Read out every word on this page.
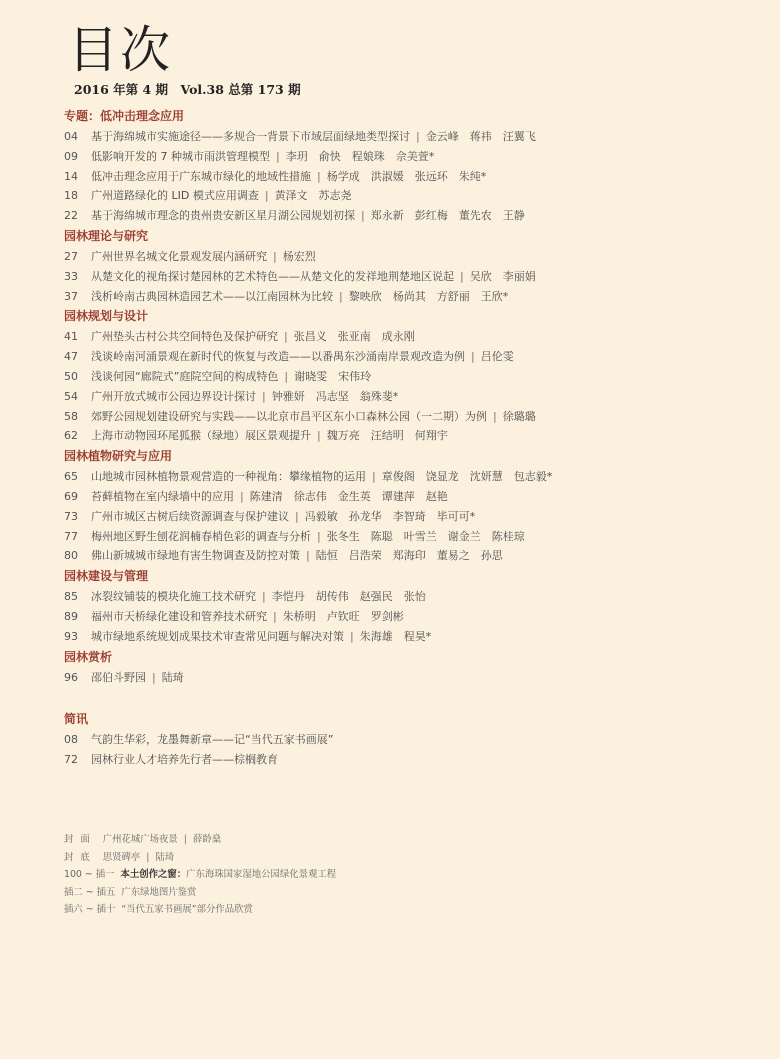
目次
2016 年第 4 期　Vol.38 总第 173 期
专题：低冲击理念应用
04 基于海绵城市实施途径——多规合一背景下市域层面绿地类型探讨 | 金云峰　蒋祎　汪翼飞
09 低影响开发的 7 种城市雨洪管理模型 | 李玥　俞快　程娘珠　佘美萱*
14 低冲击理念应用于广东城市绿化的地域性措施 | 杨学成　洪淑媛　张远环　朱纯*
18 广州道路绿化的 LID 模式应用调查 | 黄泽文　苏志尧
22 基于海绵城市理念的贵州贵安新区星月湖公园规划初探 | 郑永新　彭红梅　董先农　王静
园林理论与研究
27 广州世界名城文化景观发展内涵研究 | 杨宏烈
33 从楚文化的视角探讨楚园林的艺术特色——从楚文化的发祥地荆楚地区说起 | 吴欣　李丽娟
37 浅析岭南古典园林造园艺术——以江南园林为比较 | 黎映欣　杨尚其　方舒丽　王欣*
园林规划与设计
41 广州垫头古村公共空间特色及保护研究 | 张昌义　张亚南　成永刚
47 浅谈岭南河涌景观在新时代的恢复与改造——以番禺东沙涌南岸景观改造为例 | 吕伦雯
50 浅谈何园“廊院式”庭院空间的构成特色 | 谢晓雯　宋伟玲
54 广州开放式城市公园边界设计探讨 | 钟雅妍　冯志坚　翁殊斐*
58 郊野公园规划建设研究与实践——以北京市昌平区东小口森林公园（一二期）为例 | 徐璐璐
62 上海市动物园环尾狐猴（绿地）展区景观提升 | 魏万亮　汪结明　何翔宇
园林植物研究与应用
65 山地城市园林植物景观营造的一种视角：攀缘植物的运用 | 章俊阁　饶显龙　沈妍慧　包志毅*
69 苔藓植物在室内绿墙中的应用 | 陈建清　徐志伟　金生英　谭建萍　赵艳
73 广州市城区古树后续资源调查与保护建议 | 冯毅敏　孙龙华　李智琦　毕可可*
77 梅州地区野生刨花润楠春梢色彩的调查与分析 | 张冬生　陈聪　叶雪兰　谢金兰　陈桂琼
80 佛山新城城市绿地有害生物调查及防控对策 | 陆恒　吕浩荣　郑海印　董易之　孙思
园林建设与管理
85 冰裂纹铺装的模块化施工技术研究 | 李恺丹　胡传伟　赵强民　张怡
89 福州市天桥绿化建设和管养技术研究 | 朱桥明　卢钦旺　罗剑彬
93 城市绿地系统规划成果技术审查常见问题与解决对策 | 朱海雄　程昊*
园林赏析
96 邵伯斗野园 | 陆琦
简讯
08 气韵生华彩，龙墨舞新章——记“当代五家书画展”
72 园林行业人才培养先行者——棕榈教育
封面 广州花城广场夜景 | 薛龄燊
封底 思贤碑亭 | 陆琦
100 ~ 插一 本土创作之窗：广东海珠国家湿地公园绿化景观工程
插二 ~ 插五 广东绿地图片鉴赏
插六 ~ 插十 “当代五家书画展”部分作品欣赏
